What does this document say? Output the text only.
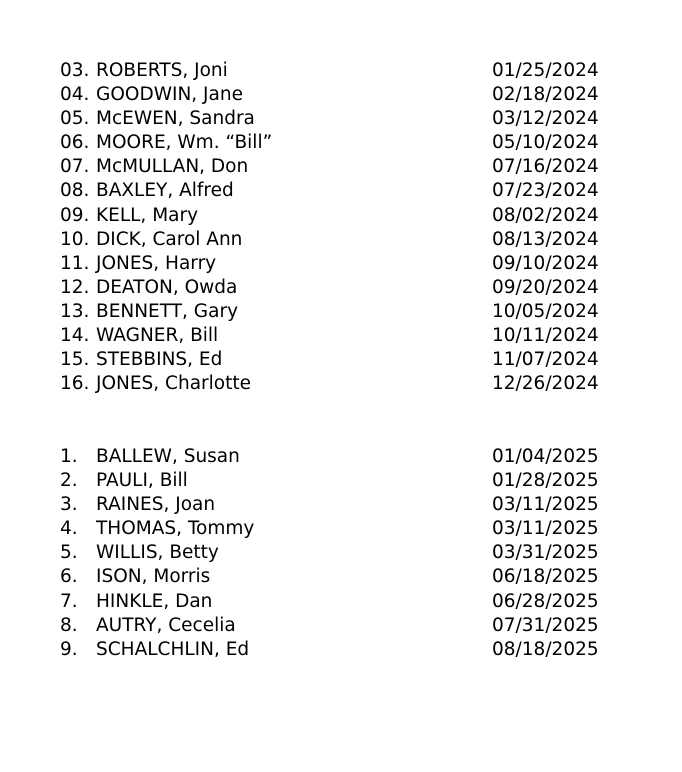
03. ROBERTS, Joni	01/25/2024
04. GOODWIN, Jane	02/18/2024
05. McEWEN, Sandra	03/12/2024
06. MOORE, Wm. “Bill”	05/10/2024
07. McMULLAN, Don	07/16/2024
08. BAXLEY, Alfred	07/23/2024
09. KELL, Mary	08/02/2024
10. DICK, Carol Ann	08/13/2024
11. JONES, Harry	09/10/2024
12. DEATON, Owda	09/20/2024
13. BENNETT, Gary	10/05/2024
14. WAGNER, Bill	10/11/2024
15. STEBBINS, Ed	11/07/2024
16. JONES, Charlotte	12/26/2024
1. BALLEW, Susan	01/04/2025
2. PAULI, Bill	01/28/2025
3. RAINES, Joan	03/11/2025
4. THOMAS, Tommy	03/11/2025
5. WILLIS, Betty	03/31/2025
6. ISON, Morris	06/18/2025
7. HINKLE, Dan	06/28/2025
8. AUTRY, Cecelia	07/31/2025
9. SCHALCHLIN, Ed	08/18/2025
